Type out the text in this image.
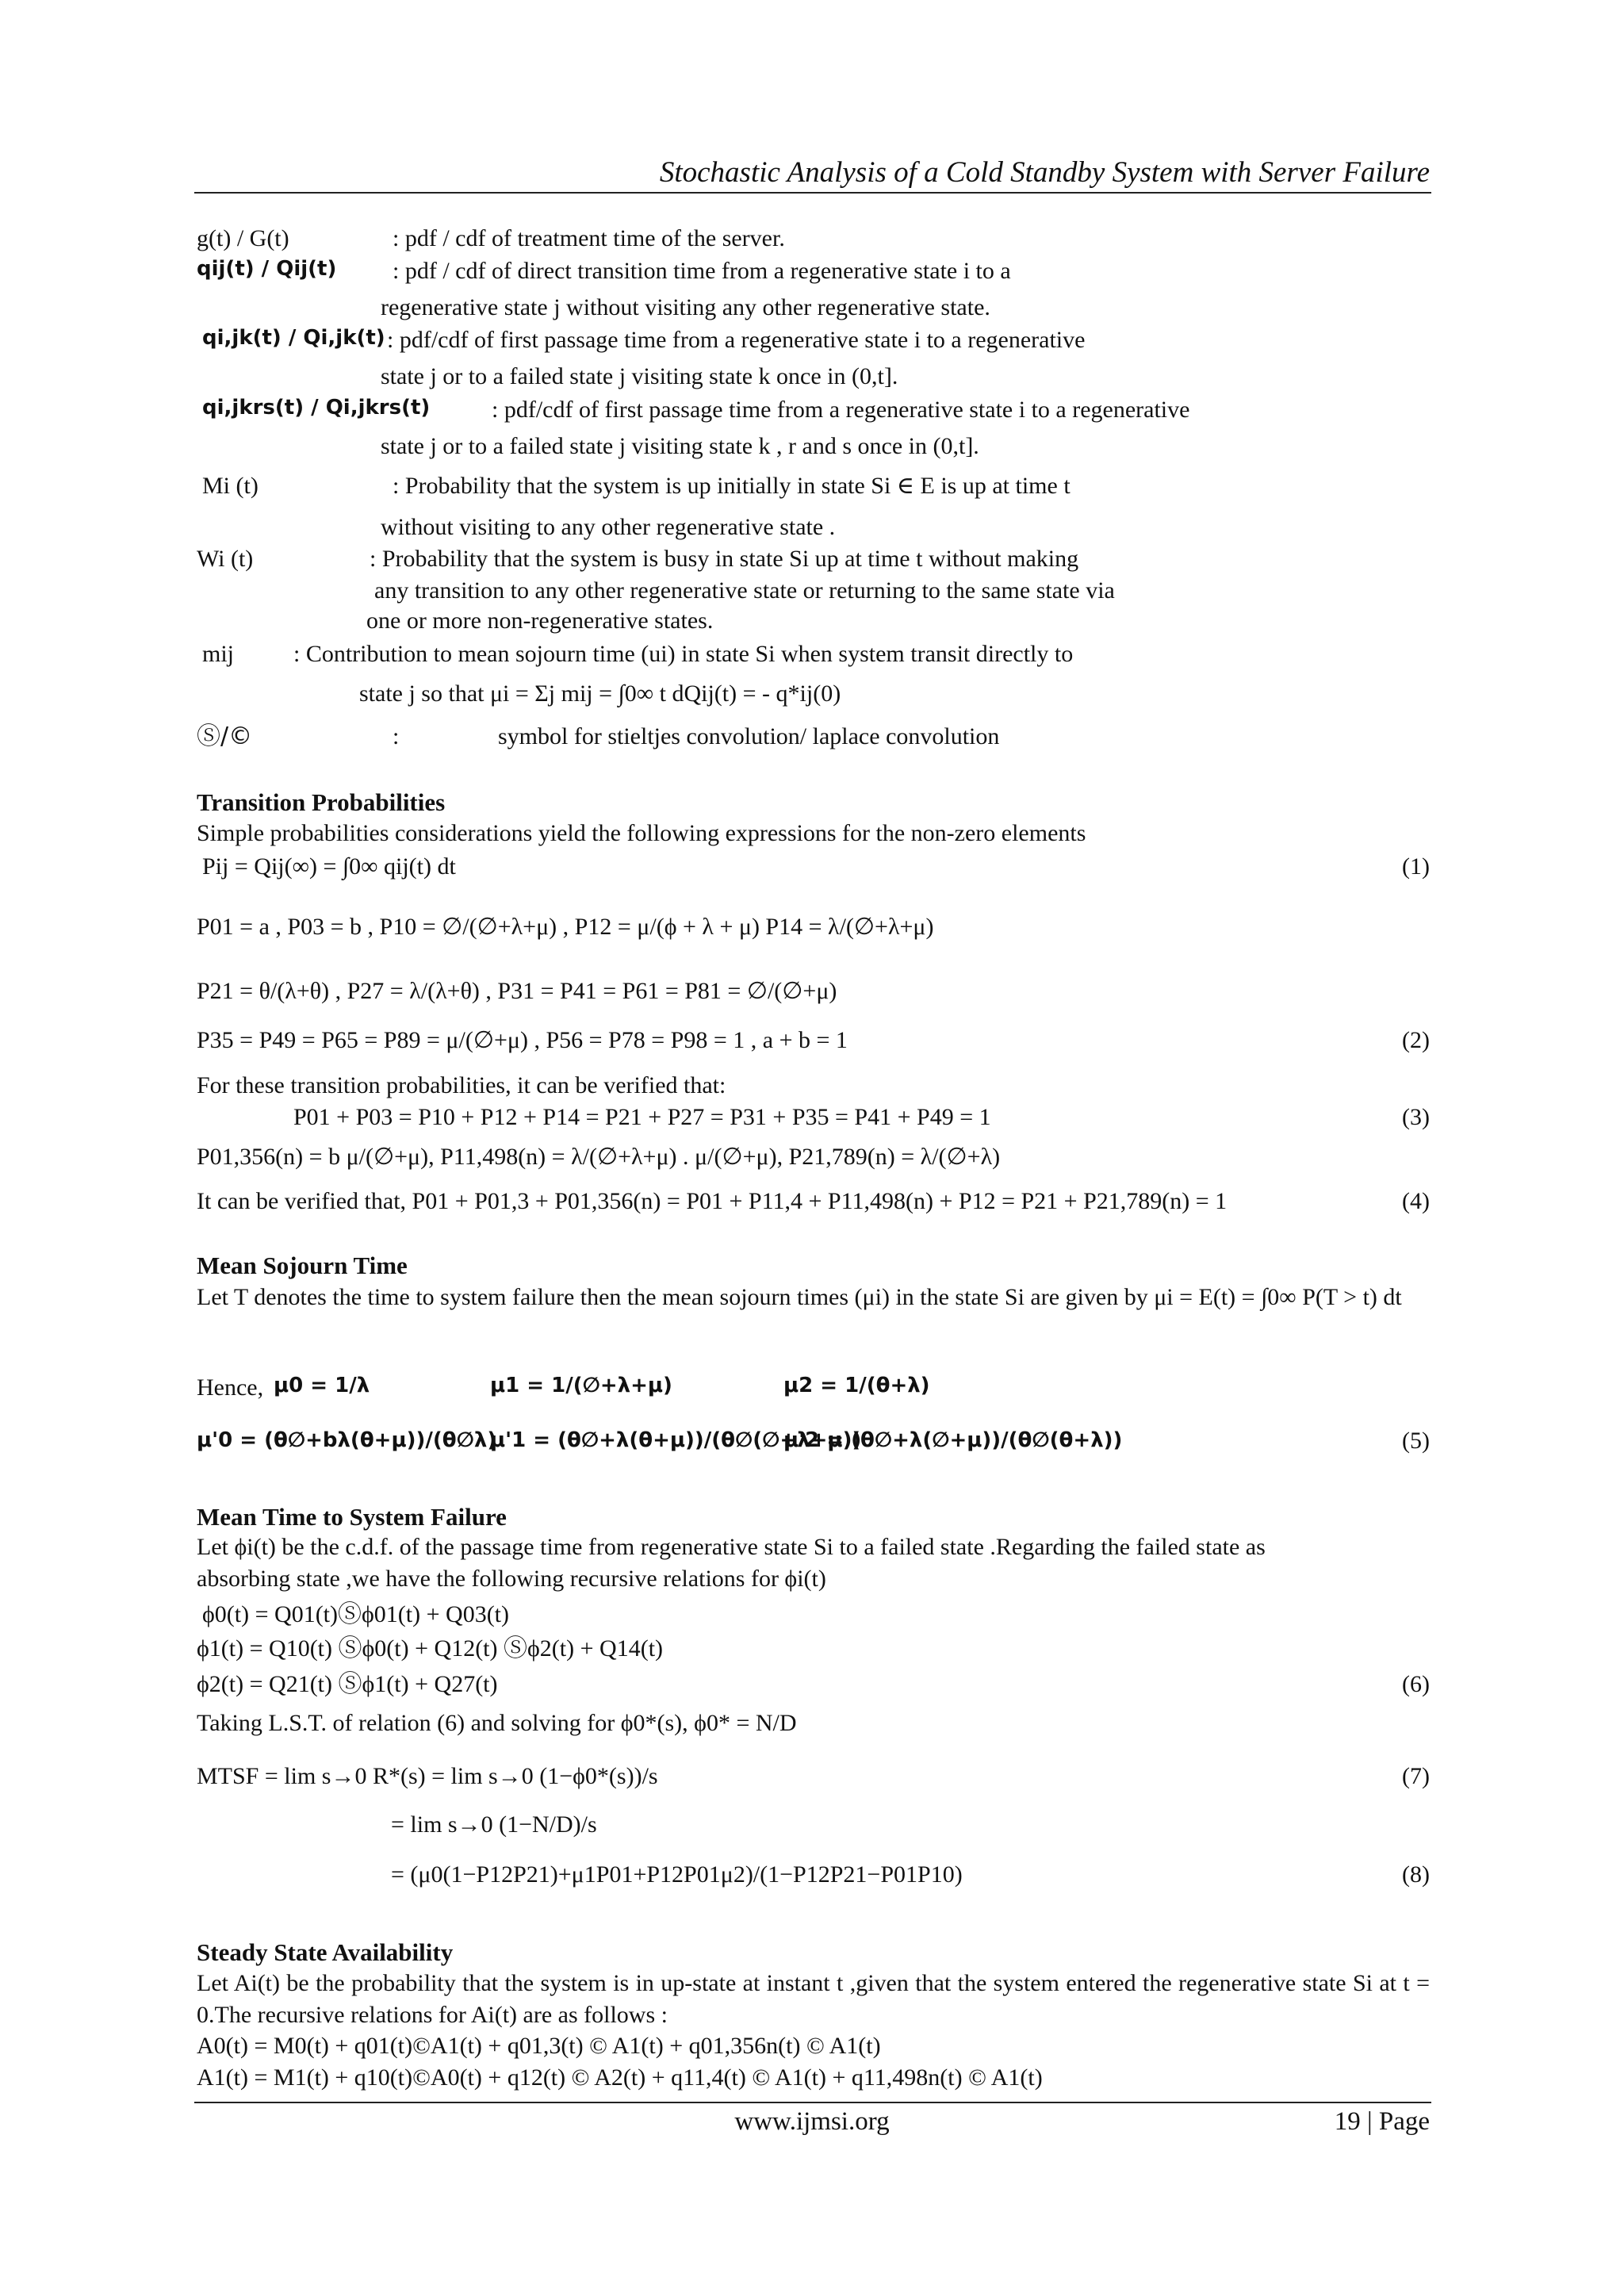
Stochastic Analysis of a Cold Standby System with Server Failure
g(t) / G(t)	: pdf / cdf of treatment time of the server.
qij(t) / Qij(t) : pdf / cdf of direct transition time from a regenerative state i to a
regenerative state j without visiting any other regenerative state.
qi,jk(t) / Qi,jk(t) : pdf/cdf of first passage time from a regenerative state i to a regenerative
state j or to a failed state j visiting state k once in (0,t].
qi,jkrs(t) / Qi,jkrs(t)	: pdf/cdf of first passage time from a regenerative state i to a regenerative
state j or to a failed state j visiting state k , r and s once in (0,t].
Mi (t)	: Probability that the system is up initially in state Si ∈ E is up at time t
without visiting to any other regenerative state .
Wi (t)	: Probability that the system is busy in state Si up at time t without making
any transition to any other regenerative state or returning to the same state via
one or more non-regenerative states.
mij : Contribution to mean sojourn time (ui) in state Si when system transit directly to
state j so that μi = Σj mij = ∫0∞ t dQij(t) = - q*ij(0)
Ⓢ/©	:	symbol for stieltjes convolution/ laplace convolution
Transition Probabilities
Simple probabilities considerations yield the following expressions for the non-zero elements
Pij = Qij(∞) = ∫0∞ qij(t) dt	(1)
P01 = a , P03 = b , P10 = ∅/(∅+λ+μ) , P12 = μ/(ϕ + λ + μ) P14 = λ/(∅+λ+μ)
P21 = θ/(λ+θ) , P27 = λ/(λ+θ) , P31 = P41 = P61 = P81 = ∅/(∅+μ)
P35 = P49 = P65 = P89 = μ/(∅+μ) , P56 = P78 = P98 = 1 , a + b = 1	(2)
For these transition probabilities, it can be verified that:
P01 + P03 = P10 + P12 + P14 = P21 + P27 = P31 + P35 = P41 + P49 = 1	(3)
P01,356(n) = b μ/(∅+μ), P11,498(n) = λ/(∅+λ+μ) . μ/(∅+μ), P21,789(n) = λ/(∅+λ)
It can be verified that, P01 + P01,3 + P01,356(n) = P01 + P11,4 + P11,498(n) + P12 = P21 + P21,789(n) = 1	(4)
Mean Sojourn Time
Let T denotes the time to system failure then the mean sojourn times (μi) in the state Si are given by μi = E(t) = ∫0∞ P(T > t) dt
Hence, μ0 = 1/λ	μ1 = 1/(∅+λ+μ)	μ2 = 1/(θ+λ)
μ'0 = (θ∅+bλ(θ+μ))/(θ∅λ)
μ'1 = (θ∅+λ(θ+μ))/(θ∅(∅+λ+μ))
μ'2 = (θ∅+λ(∅+μ))/(θ∅(θ+λ))	(5)
Mean Time to System Failure
Let ϕi(t) be the c.d.f. of the passage time from regenerative state Si to a failed state .Regarding the failed state as
absorbing state ,we have the following recursive relations for ϕi(t)
ϕ0(t) = Q01(t)Ⓢϕ01(t) + Q03(t)
ϕ1(t) = Q10(t) Ⓢϕ0(t) + Q12(t) Ⓢϕ2(t) + Q14(t)
ϕ2(t) = Q21(t) Ⓢϕ1(t) + Q27(t)	(6)
Taking L.S.T. of relation (6) and solving for ϕ0*(s), ϕ0* = N/D
MTSF = lim s→0 R*(s) = lim s→0 (1−ϕ0*(s))/s	(7)
= lim s→0 (1−N/D)/s
= (μ0(1−P12P21)+μ1P01+P12P01μ2)/(1−P12P21−P01P10)	(8)
Steady State Availability
Let Ai(t) be the probability that the system is in up-state at instant t ,given that the system entered the regenerative state Si at t = 0.The recursive relations for Ai(t) are as follows :
A0(t) = M0(t) + q01(t)©A1(t) + q01,3(t) © A1(t) + q01,356n(t) © A1(t)
A1(t) = M1(t) + q10(t)©A0(t) + q12(t) © A2(t) + q11,4(t) © A1(t) + q11,498n(t) © A1(t)
www.ijmsi.org	19 | Page
